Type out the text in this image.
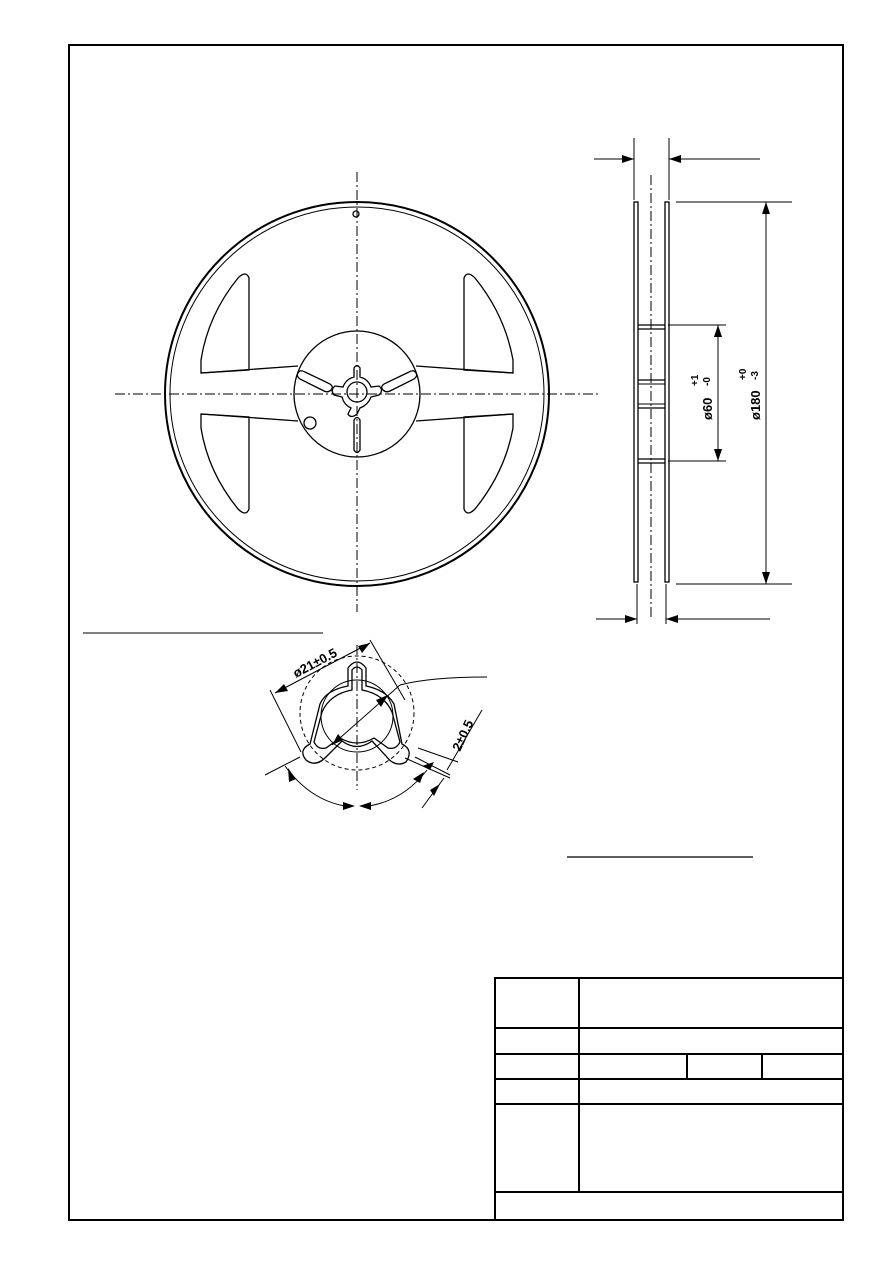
ø60
+1 -0
ø180
+0 -3
ø21±0.5
2±0.5
